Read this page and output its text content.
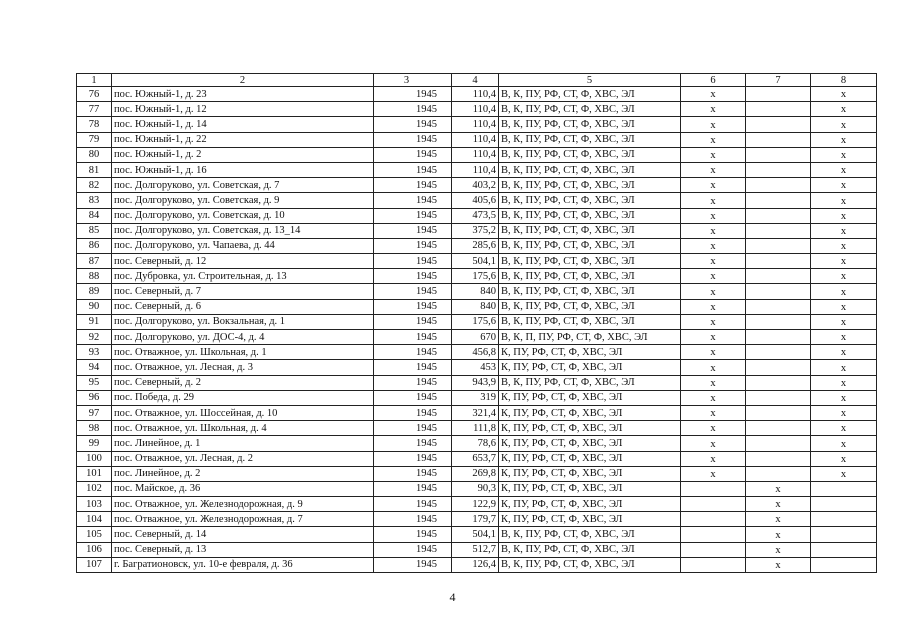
1	2	3	4	5	6	7	8
76	пос. Южный-1, д. 23	1945	110,4	В, К, ПУ, РФ, СТ, Ф, ХВС, ЭЛ	х		х
77	пос. Южный-1, д. 12	1945	110,4	В, К, ПУ, РФ, СТ, Ф, ХВС, ЭЛ	х		х
78	пос. Южный-1, д. 14	1945	110,4	В, К, ПУ, РФ, СТ, Ф, ХВС, ЭЛ	х		х
79	пос. Южный-1, д. 22	1945	110,4	В, К, ПУ, РФ, СТ, Ф, ХВС, ЭЛ	х		х
80	пос. Южный-1, д. 2	1945	110,4	В, К, ПУ, РФ, СТ, Ф, ХВС, ЭЛ	х		х
81	пос. Южный-1, д. 16	1945	110,4	В, К, ПУ, РФ, СТ, Ф, ХВС, ЭЛ	х		х
82	пос. Долгоруково, ул. Советская, д. 7	1945	403,2	В, К, ПУ, РФ, СТ, Ф, ХВС, ЭЛ	х		х
83	пос. Долгоруково, ул. Советская, д. 9	1945	405,6	В, К, ПУ, РФ, СТ, Ф, ХВС, ЭЛ	х		х
84	пос. Долгоруково, ул. Советская, д. 10	1945	473,5	В, К, ПУ, РФ, СТ, Ф, ХВС, ЭЛ	х		х
85	пос. Долгоруково, ул. Советская, д. 13_14	1945	375,2	В, К, ПУ, РФ, СТ, Ф, ХВС, ЭЛ	х		х
86	пос. Долгоруково, ул. Чапаева, д. 44	1945	285,6	В, К, ПУ, РФ, СТ, Ф, ХВС, ЭЛ	х		х
87	пос. Северный, д. 12	1945	504,1	В, К, ПУ, РФ, СТ, Ф, ХВС, ЭЛ	х		х
88	пос. Дубровка, ул. Строительная, д. 13	1945	175,6	В, К, ПУ, РФ, СТ, Ф, ХВС, ЭЛ	х		х
89	пос. Северный, д. 7	1945	840	В, К, ПУ, РФ, СТ, Ф, ХВС, ЭЛ	х		х
90	пос. Северный, д. 6	1945	840	В, К, ПУ, РФ, СТ, Ф, ХВС, ЭЛ	х		х
91	пос. Долгоруково, ул. Вокзальная, д. 1	1945	175,6	В, К, ПУ, РФ, СТ, Ф, ХВС, ЭЛ	х		х
92	пос. Долгоруково, ул. ДОС-4, д. 4	1945	670	В, К, П, ПУ, РФ, СТ, Ф, ХВС, ЭЛ	х		х
93	пос. Отважное, ул. Школьная, д. 1	1945	456,8	К, ПУ, РФ, СТ, Ф, ХВС, ЭЛ	х		х
94	пос. Отважное, ул. Лесная, д. 3	1945	453	К, ПУ, РФ, СТ, Ф, ХВС, ЭЛ	х		х
95	пос. Северный, д. 2	1945	943,9	В, К, ПУ, РФ, СТ, Ф, ХВС, ЭЛ	х		х
96	пос. Победа, д. 29	1945	319	К, ПУ, РФ, СТ, Ф, ХВС, ЭЛ	х		х
97	пос. Отважное, ул. Шоссейная, д. 10	1945	321,4	К, ПУ, РФ, СТ, Ф, ХВС, ЭЛ	х		х
98	пос. Отважное, ул. Школьная, д. 4	1945	111,8	К, ПУ, РФ, СТ, Ф, ХВС, ЭЛ	х		х
99	пос. Линейное, д. 1	1945	78,6	К, ПУ, РФ, СТ, Ф, ХВС, ЭЛ	х		х
100	пос. Отважное, ул. Лесная, д. 2	1945	653,7	К, ПУ, РФ, СТ, Ф, ХВС, ЭЛ	х		х
101	пос. Линейное, д. 2	1945	269,8	К, ПУ, РФ, СТ, Ф, ХВС, ЭЛ	х		х
102	пос. Майское, д. 36	1945	90,3	К, ПУ, РФ, СТ, Ф, ХВС, ЭЛ		х	
103	пос. Отважное, ул. Железнодорожная, д. 9	1945	122,9	К, ПУ, РФ, СТ, Ф, ХВС, ЭЛ		х	
104	пос. Отважное, ул. Железнодорожная, д. 7	1945	179,7	К, ПУ, РФ, СТ, Ф, ХВС, ЭЛ		х	
105	пос. Северный, д. 14	1945	504,1	В, К, ПУ, РФ, СТ, Ф, ХВС, ЭЛ		х	
106	пос. Северный, д. 13	1945	512,7	В, К, ПУ, РФ, СТ, Ф, ХВС, ЭЛ		х	
107	г. Багратионовск, ул. 10-е февраля, д. 36	1945	126,4	В, К, ПУ, РФ, СТ, Ф, ХВС, ЭЛ		х	
4
